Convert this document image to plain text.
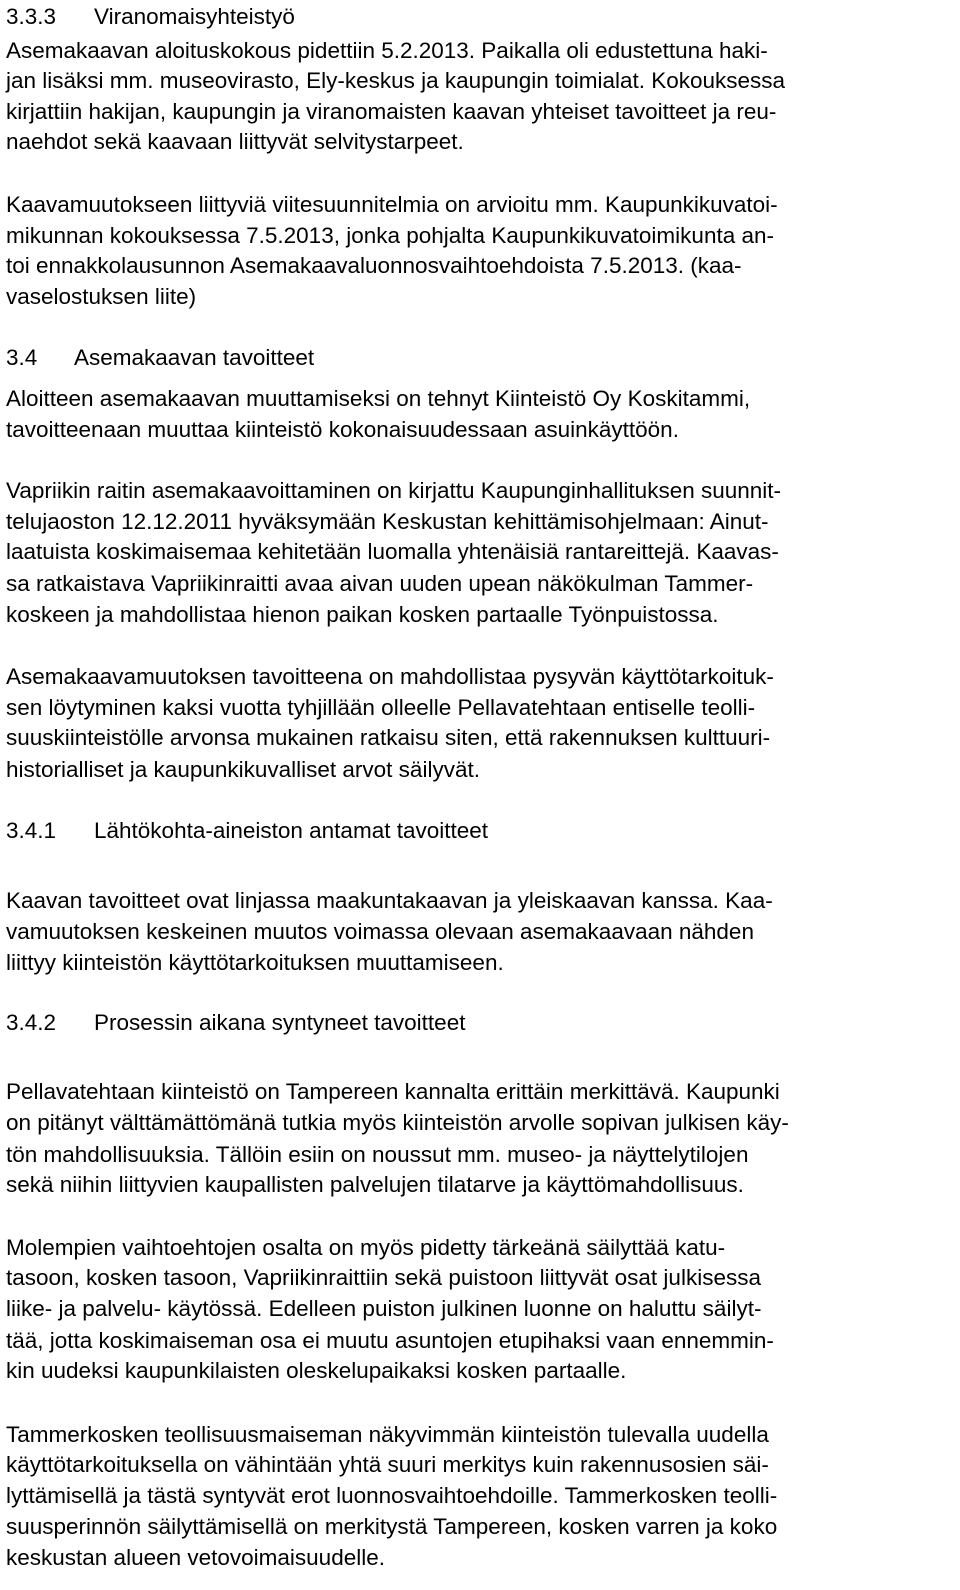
3.3.3 Viranomaisyhteistyö
Asemakaavan aloituskokous pidettiin 5.2.2013. Paikalla oli edustettuna haki-
jan lisäksi mm. museovirasto, Ely-keskus ja kaupungin toimialat. Kokouksessa
kirjattiin hakijan, kaupungin ja viranomaisten kaavan yhteiset tavoitteet ja reu-
naehdot sekä kaavaan liittyvät selvitystarpeet.
Kaavamuutokseen liittyviä viitesuunnitelmia on arvioitu mm. Kaupunkikuvatoi-
mikunnan kokouksessa 7.5.2013, jonka pohjalta Kaupunkikuvatoimikunta an-
toi ennakkolausunnon Asemakaavaluonnosvaihtoehdoista 7.5.2013. (kaa-
vaselostuksen liite)
3.4 Asemakaavan tavoitteet
Aloitteen asemakaavan muuttamiseksi on tehnyt Kiinteistö Oy Koskitammi,
tavoitteenaan muuttaa kiinteistö kokonaisuudessaan asuinkäyttöön.
Vapriikin raitin asemakaavoittaminen on kirjattu Kaupunginhallituksen suunnit-
telujaoston 12.12.2011 hyväksymään Keskustan kehittämisohjelmaan: Ainut-
laatuista koskimaisemaa kehitetään luomalla yhtenäisiä rantareittejä. Kaavas-
sa ratkaistava Vapriikinraitti avaa aivan uuden upean näkökulman Tammer-
koskeen ja mahdollistaa hienon paikan kosken partaalle Työnpuistossa.
Asemakaavamuutoksen tavoitteena on mahdollistaa pysyvän käyttötarkoituk-
sen löytyminen kaksi vuotta tyhjillään olleelle Pellavatehtaan entiselle teolli-
suuskiinteistölle arvonsa mukainen ratkaisu siten, että rakennuksen kulttuuri-
historialliset ja kaupunkikuvalliset arvot säilyvät.
3.4.1 Lähtökohta-aineiston antamat tavoitteet
Kaavan tavoitteet ovat linjassa maakuntakaavan ja yleiskaavan kanssa. Kaa-
vamuutoksen keskeinen muutos voimassa olevaan asemakaavaan nähden
liittyy kiinteistön käyttötarkoituksen muuttamiseen.
3.4.2 Prosessin aikana syntyneet tavoitteet
Pellavatehtaan kiinteistö on Tampereen kannalta erittäin merkittävä. Kaupunki
on pitänyt välttämättömänä tutkia myös kiinteistön arvolle sopivan julkisen käy-
tön mahdollisuuksia. Tällöin esiin on noussut mm. museo- ja näyttelytilojen
sekä niihin liittyvien kaupallisten palvelujen tilatarve ja käyttömahdollisuus.
Molempien vaihtoehtojen osalta on myös pidetty tärkeänä säilyttää katu-
tasoon, kosken tasoon, Vapriikinraittiin sekä puistoon liittyvät osat julkisessa
liike- ja palvelu- käytössä. Edelleen puiston julkinen luonne on haluttu säilyt-
tää, jotta koskimaiseman osa ei muutu asuntojen etupihaksi vaan ennemmin-
kin uudeksi kaupunkilaisten oleskelupaikaksi kosken partaalle.
Tammerkosken teollisuusmaiseman näkyvimmän kiinteistön tulevalla uudella
käyttötarkoituksella on vähintään yhtä suuri merkitys kuin rakennusosien säi-
lyttämisellä ja tästä syntyvät erot luonnosvaihtoehdoille. Tammerkosken teolli-
suusperinnön säilyttämisellä on merkitystä Tampereen, kosken varren ja koko
keskustan alueen vetovoimaisuudelle.
